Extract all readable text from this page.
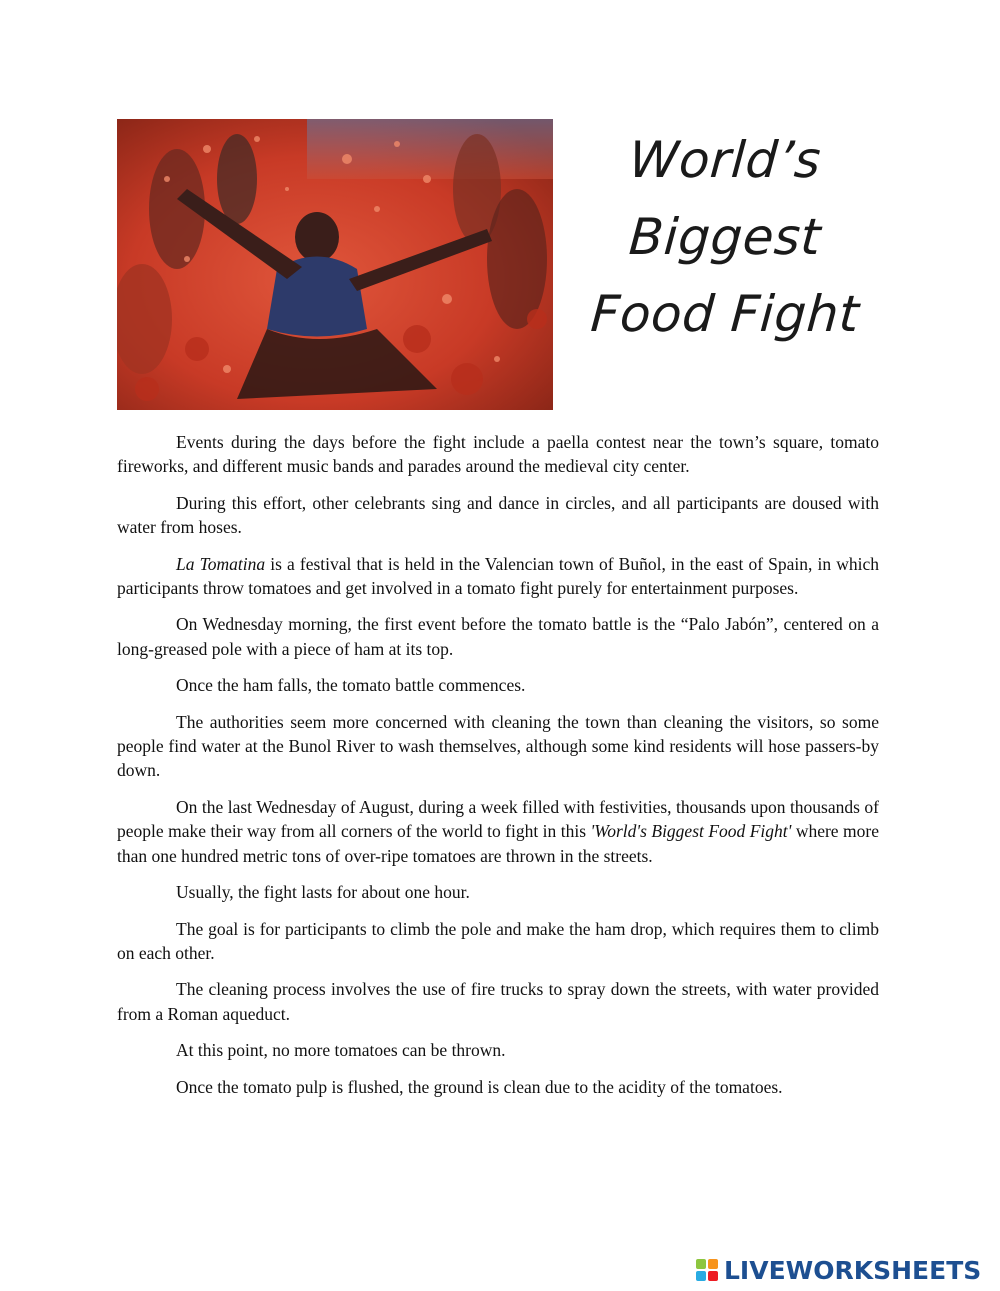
World’s
Biggest
Food Fight

Events during the days before the fight include a paella contest near the town’s square, tomato fireworks, and different music bands and parades around the medieval city center.

During this effort, other celebrants sing and dance in circles, and all participants are doused with water from hoses.

La Tomatina is a festival that is held in the Valencian town of Buñol, in the east of Spain, in which participants throw tomatoes and get involved in a tomato fight purely for entertainment purposes.

On Wednesday morning, the first event before the tomato battle is the “Palo Jabón”, centered on a long-greased pole with a piece of ham at its top.

Once the ham falls, the tomato battle commences.

The authorities seem more concerned with cleaning the town than cleaning the visitors, so some people find water at the Bunol River to wash themselves, although some kind residents will hose passers-by down.

On the last Wednesday of August, during a week filled with festivities, thousands upon thousands of people make their way from all corners of the world to fight in this 'World's Biggest Food Fight' where more than one hundred metric tons of over-ripe tomatoes are thrown in the streets.

Usually, the fight lasts for about one hour.

The goal is for participants to climb the pole and make the ham drop, which requires them to climb on each other.

The cleaning process involves the use of fire trucks to spray down the streets, with water provided from a Roman aqueduct.

At this point, no more tomatoes can be thrown.

Once the tomato pulp is flushed, the ground is clean due to the acidity of the tomatoes.

LIVEWORKSHEETS
